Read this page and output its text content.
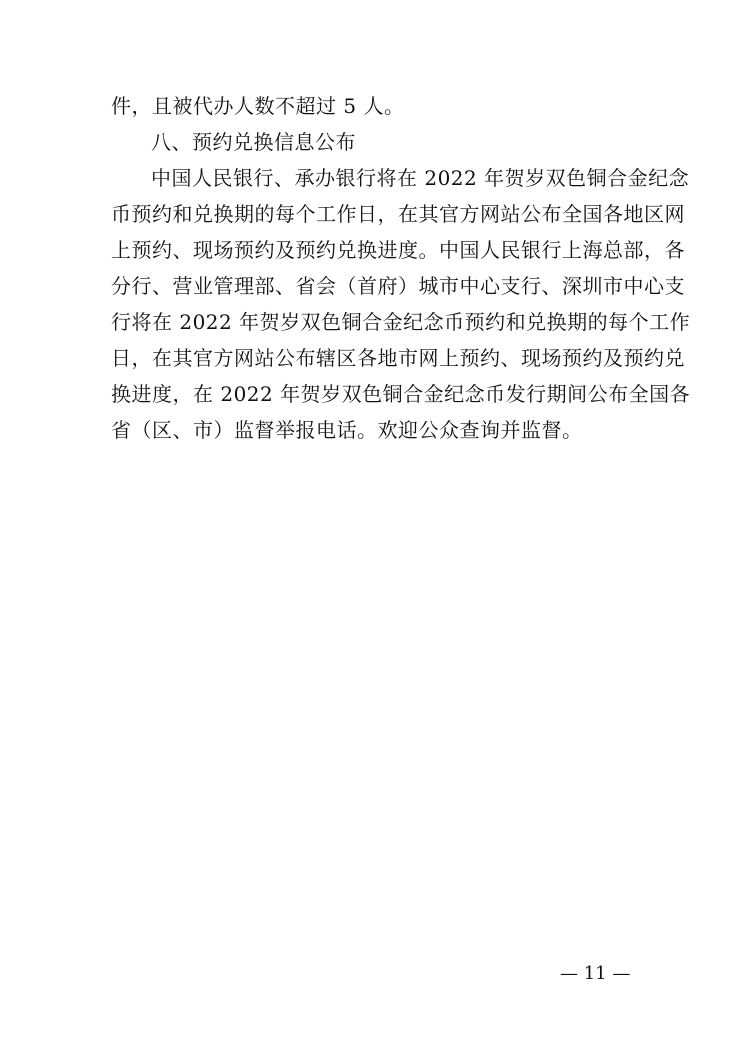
件，且被代办人数不超过 5 人。
八、预约兑换信息公布
中国人民银行、承办银行将在 2022 年贺岁双色铜合金纪念
币预约和兑换期的每个工作日，在其官方网站公布全国各地区网
上预约、现场预约及预约兑换进度。中国人民银行上海总部，各
分行、营业管理部、省会（首府）城市中心支行、深圳市中心支
行将在 2022 年贺岁双色铜合金纪念币预约和兑换期的每个工作
日，在其官方网站公布辖区各地市网上预约、现场预约及预约兑
换进度，在 2022 年贺岁双色铜合金纪念币发行期间公布全国各
省（区、市）监督举报电话。欢迎公众查询并监督。
— 11 —
